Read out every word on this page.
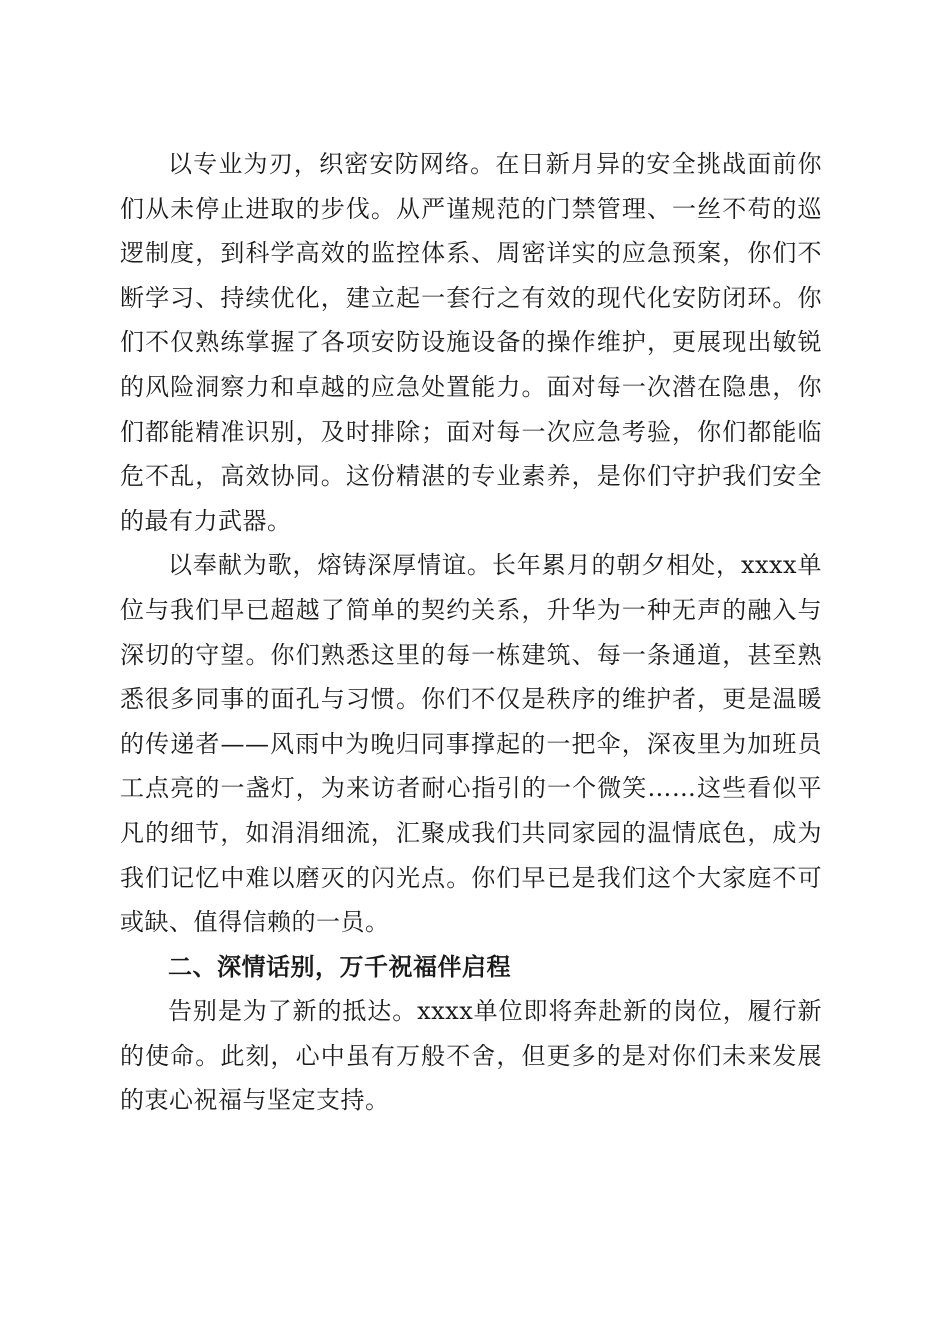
以专业为刃，织密安防网络。在日新月异的安全挑战面前你们从未停止进取的步伐。从严谨规范的门禁管理、一丝不苟的巡逻制度，到科学高效的监控体系、周密详实的应急预案，你们不断学习、持续优化，建立起一套行之有效的现代化安防闭环。你们不仅熟练掌握了各项安防设施设备的操作维护，更展现出敏锐的风险洞察力和卓越的应急处置能力。面对每一次潜在隐患，你们都能精准识别，及时排除；面对每一次应急考验，你们都能临危不乱，高效协同。这份精湛的专业素养，是你们守护我们安全的最有力武器。

以奉献为歌，熔铸深厚情谊。长年累月的朝夕相处，xxxx单位与我们早已超越了简单的契约关系，升华为一种无声的融入与深切的守望。你们熟悉这里的每一栋建筑、每一条通道，甚至熟悉很多同事的面孔与习惯。你们不仅是秩序的维护者，更是温暖的传递者——风雨中为晚归同事撑起的一把伞，深夜里为加班员工点亮的一盏灯，为来访者耐心指引的一个微笑……这些看似平凡的细节，如涓涓细流，汇聚成我们共同家园的温情底色，成为我们记忆中难以磨灭的闪光点。你们早已是我们这个大家庭不可或缺、值得信赖的一员。

二、深情话别，万千祝福伴启程

告别是为了新的抵达。xxxx单位即将奔赴新的岗位，履行新的使命。此刻，心中虽有万般不舍，但更多的是对你们未来发展的衷心祝福与坚定支持。
